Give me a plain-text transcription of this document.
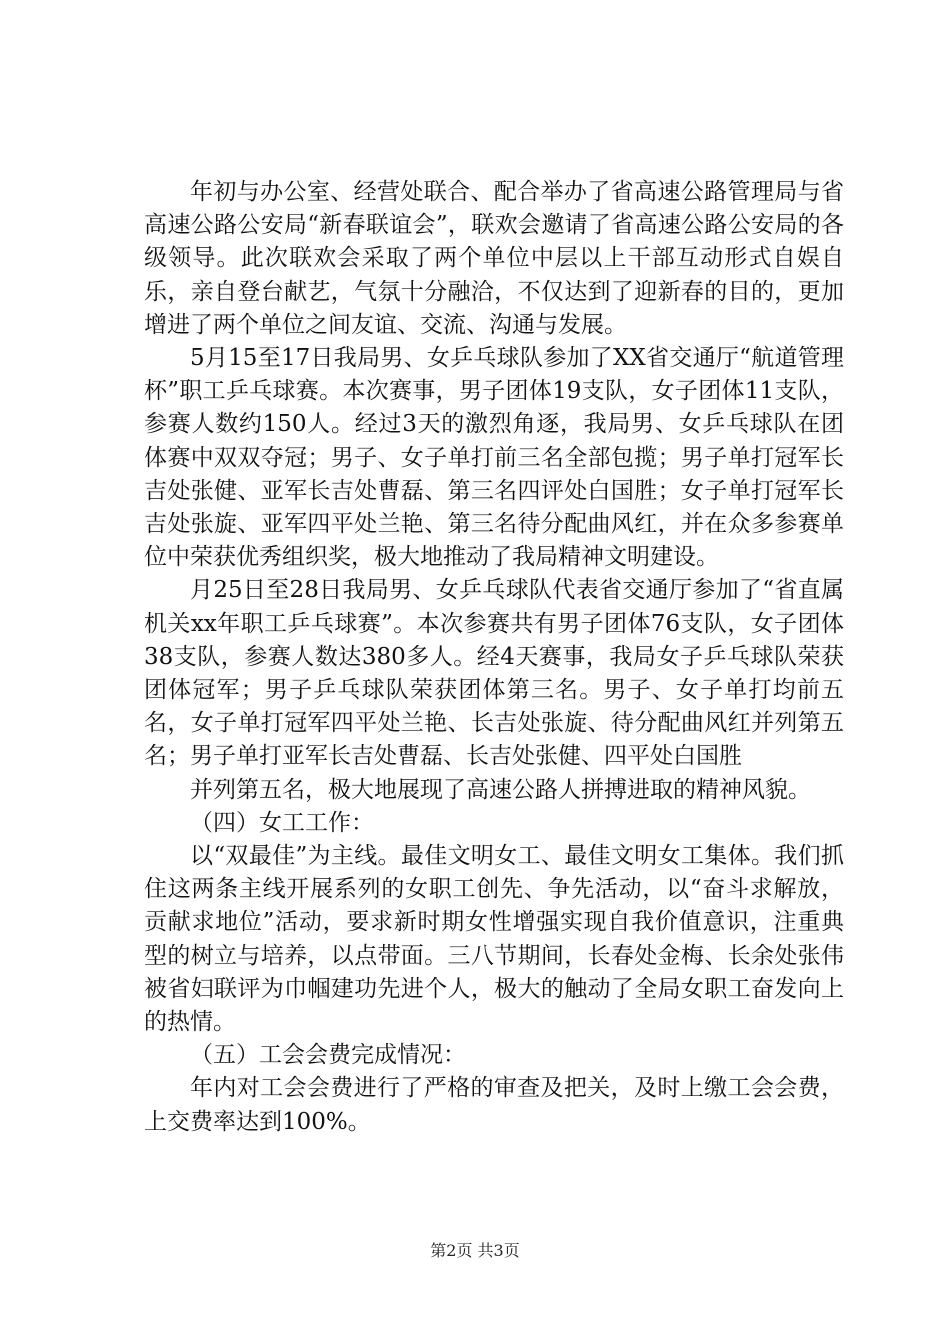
年初与办公室、经营处联合、配合举办了省高速公路管理局与省高速公路公安局“新春联谊会”，联欢会邀请了省高速公路公安局的各级领导。此次联欢会采取了两个单位中层以上干部互动形式自娱自乐，亲自登台献艺，气氛十分融洽，不仅达到了迎新春的目的，更加增进了两个单位之间友谊、交流、沟通与发展。

5月15至17日我局男、女乒乓球队参加了XX省交通厅“航道管理杯”职工乒乓球赛。本次赛事，男子团体19支队，女子团体11支队，参赛人数约150人。经过3天的激烈角逐，我局男、女乒乓球队在团体赛中双双夺冠；男子、女子单打前三名全部包揽；男子单打冠军长吉处张健、亚军长吉处曹磊、第三名四评处白国胜；女子单打冠军长吉处张旋、亚军四平处兰艳、第三名待分配曲风红，并在众多参赛单位中荣获优秀组织奖，极大地推动了我局精神文明建设。

月25日至28日我局男、女乒乓球队代表省交通厅参加了“省直属机关xx年职工乒乓球赛”。本次参赛共有男子团体76支队，女子团体38支队，参赛人数达380多人。经4天赛事，我局女子乒乓球队荣获团体冠军；男子乒乓球队荣获团体第三名。男子、女子单打均前五名，女子单打冠军四平处兰艳、长吉处张旋、待分配曲风红并列第五名；男子单打亚军长吉处曹磊、长吉处张健、四平处白国胜

并列第五名，极大地展现了高速公路人拼搏进取的精神风貌。

（四）女工工作：

以“双最佳”为主线。最佳文明女工、最佳文明女工集体。我们抓住这两条主线开展系列的女职工创先、争先活动，以“奋斗求解放，贡献求地位”活动，要求新时期女性增强实现自我价值意识，注重典型的树立与培养，以点带面。三八节期间，长春处金梅、长余处张伟被省妇联评为巾帼建功先进个人，极大的触动了全局女职工奋发向上的热情。

（五）工会会费完成情况：

年内对工会会费进行了严格的审查及把关，及时上缴工会会费，上交费率达到100%。

第2页 共3页
